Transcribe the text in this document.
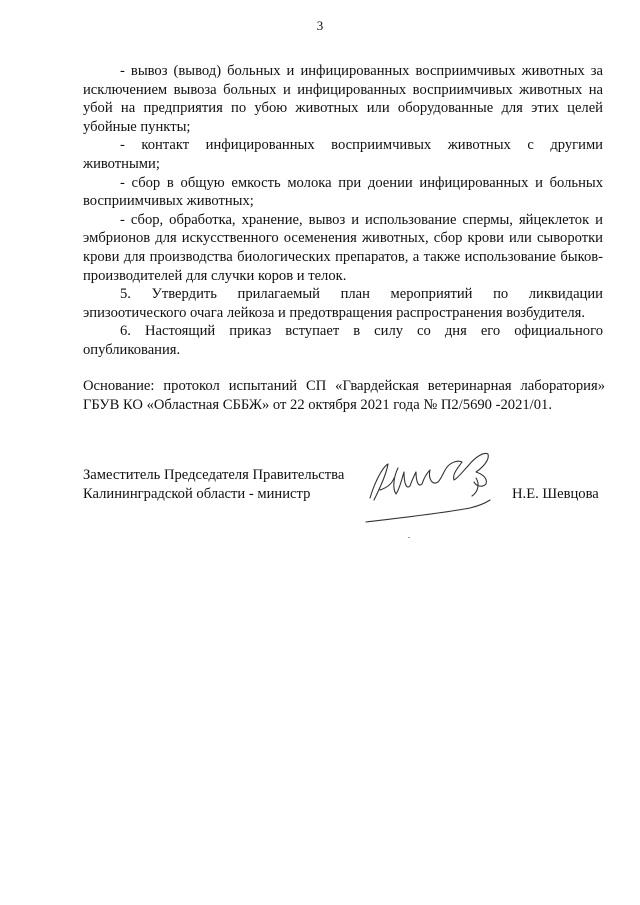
3

- вывоз (вывод) больных и инфицированных восприимчивых животных за исключением вывоза больных и инфицированных восприимчивых животных на убой на предприятия по убою животных или оборудованные для этих целей убойные пункты;

- контакт инфицированных восприимчивых животных с другими животными;

- сбор в общую емкость молока при доении инфицированных и больных восприимчивых животных;

- сбор, обработка, хранение, вывоз и использование спермы, яйцеклеток и эмбрионов для искусственного осеменения животных, сбор крови или сыворотки крови для производства биологических препаратов, а также использование быков-производителей для случки коров и телок.

5. Утвердить прилагаемый план мероприятий по ликвидации эпизоотического очага лейкоза и предотвращения распространения возбудителя.

6. Настоящий приказ вступает в силу со дня его официального опубликования.

Основание: протокол испытаний СП «Гвардейская ветеринарная лаборатория» ГБУВ КО «Областная СББЖ» от 22 октября 2021 года № П2/5690 -2021/01.

Заместитель Председателя Правительства
Калининградской области - министр	Н.Е. Шевцова
